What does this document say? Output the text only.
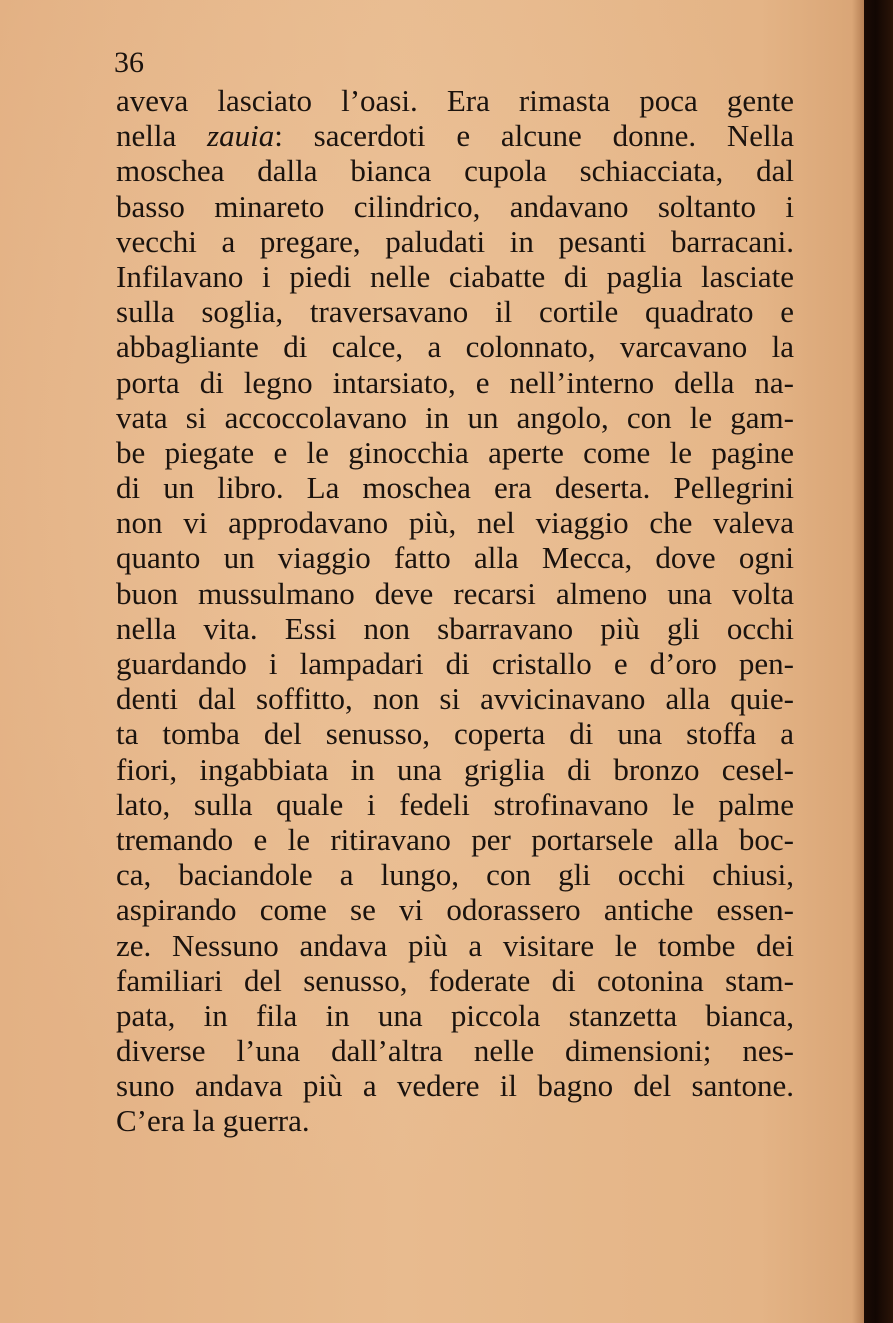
36
aveva lasciato l’oasi. Era rimasta poca gente
nella zauia: sacerdoti e alcune donne. Nella
moschea dalla bianca cupola schiacciata, dal
basso minareto cilindrico, andavano soltanto i
vecchi a pregare, paludati in pesanti barracani.
Infilavano i piedi nelle ciabatte di paglia lasciate
sulla soglia, traversavano il cortile quadrato e
abbagliante di calce, a colonnato, varcavano la
porta di legno intarsiato, e nell’interno della na-
vata si accoccolavano in un angolo, con le gam-
be piegate e le ginocchia aperte come le pagine
di un libro. La moschea era deserta. Pellegrini
non vi approdavano più, nel viaggio che valeva
quanto un viaggio fatto alla Mecca, dove ogni
buon mussulmano deve recarsi almeno una volta
nella vita. Essi non sbarravano più gli occhi
guardando i lampadari di cristallo e d’oro pen-
denti dal soffitto, non si avvicinavano alla quie-
ta tomba del senusso, coperta di una stoffa a
fiori, ingabbiata in una griglia di bronzo cesel-
lato, sulla quale i fedeli strofinavano le palme
tremando e le ritiravano per portarsele alla boc-
ca, baciandole a lungo, con gli occhi chiusi,
aspirando come se vi odorassero antiche essen-
ze. Nessuno andava più a visitare le tombe dei
familiari del senusso, foderate di cotonina stam-
pata, in fila in una piccola stanzetta bianca,
diverse l’una dall’altra nelle dimensioni; nes-
suno andava più a vedere il bagno del santone.
C’era la guerra.
